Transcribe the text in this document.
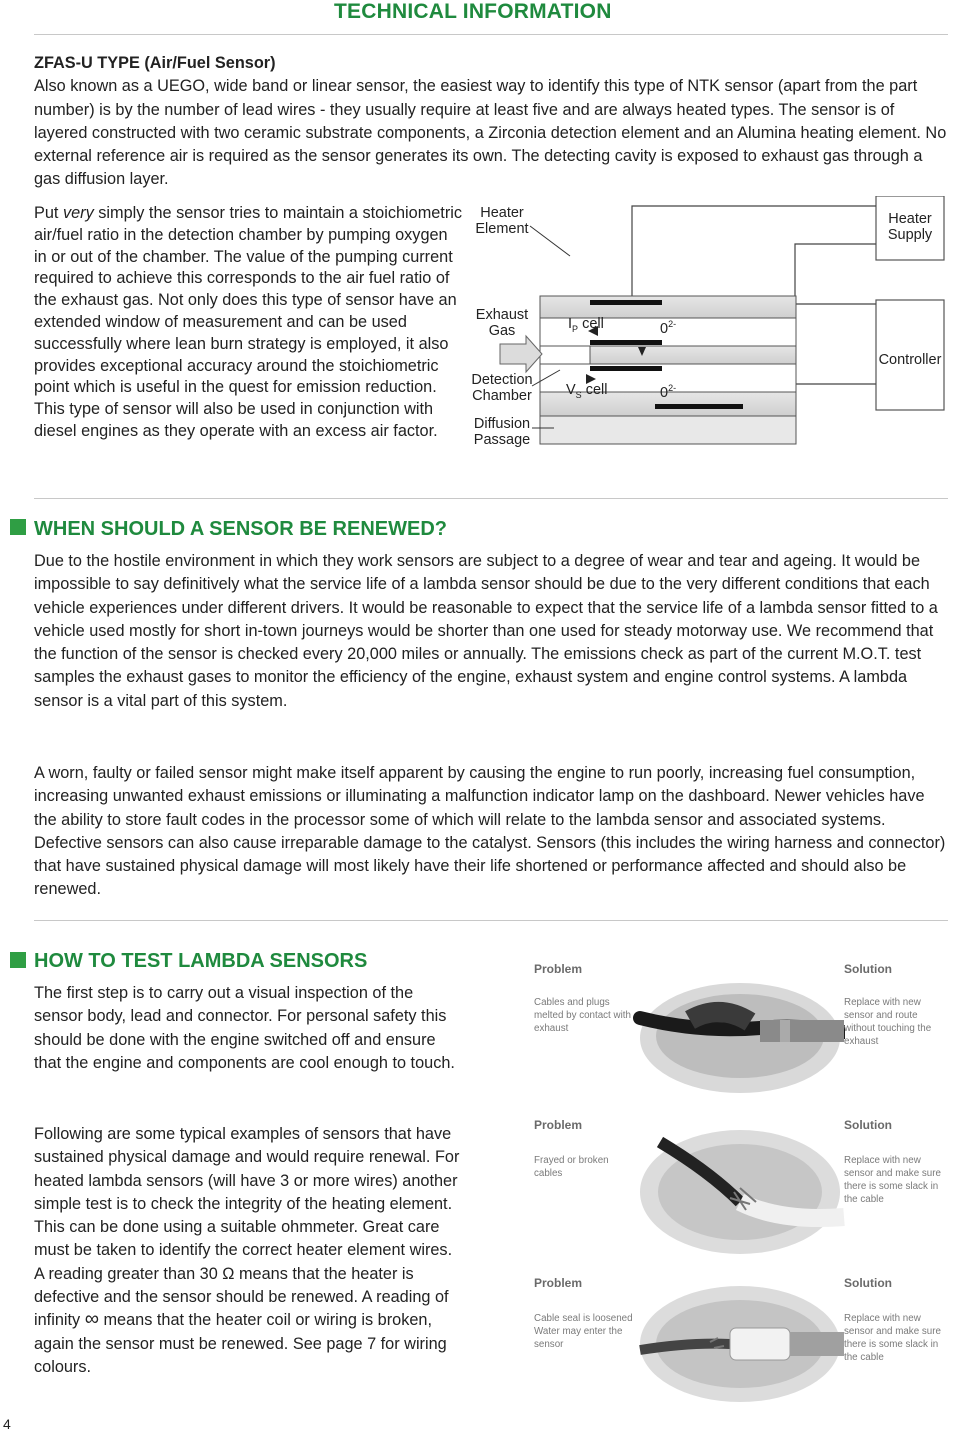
TECHNICAL INFORMATION
ZFAS-U TYPE (Air/Fuel Sensor)
Also known as a UEGO, wide band or linear sensor, the easiest way to identify this type of NTK sensor (apart from the part number) is by the number of lead wires - they usually require at least five and are always heated types. The sensor is of layered constructed with two ceramic substrate components, a Zirconia detection element and an Alumina heating element. No external reference air is required as the sensor generates its own. The detecting cavity is exposed to exhaust gas through a gas diffusion layer.
Put very simply the sensor tries to maintain a stoichiometric air/fuel ratio in the detection chamber by pumping oxygen in or out of the chamber. The value of the pumping current required to achieve this corresponds to the air fuel ratio of the exhaust gas. Not only does this type of sensor have an extended window of measurement and can be used successfully where lean burn strategy is employed, it also provides exceptional accuracy around the stoichiometric point which is useful in the quest for emission reduction. This type of sensor will also be used in conjunction with diesel engines as they operate with an excess air factor.
Heater
Element
Heater
Supply
Exhaust
Gas
Detection
Chamber
Diffusion
Passage
Controller
$I_P$ cell
$V_S$ cell
$0^{2-}$
$0^{2-}$
WHEN SHOULD A SENSOR BE RENEWED?
Due to the hostile environment in which they work sensors are subject to a degree of wear and tear and ageing. It would be impossible to say definitively what the service life of a lambda sensor should be due to the very different conditions that each vehicle experiences under different drivers. It would be reasonable to expect that the service life of a lambda sensor fitted to a vehicle used mostly for short in-town journeys would be shorter than one used for steady motorway use. We recommend that the function of the sensor is checked every 20,000 miles or annually. The emissions check as part of the current M.O.T. test samples the exhaust gases to monitor the efficiency of the engine, exhaust system and engine control systems. A lambda sensor is a vital part of this system.
A worn, faulty or failed sensor might make itself apparent by causing the engine to run poorly, increasing fuel consumption, increasing unwanted exhaust emissions or illuminating a malfunction indicator lamp on the dashboard. Newer vehicles have the ability to store fault codes in the processor some of which will relate to the lambda sensor and associated systems. Defective sensors can also cause irreparable damage to the catalyst. Sensors (this includes the wiring harness and connector) that have sustained physical damage will most likely have their life shortened or performance affected and should also be renewed.
HOW TO TEST LAMBDA SENSORS
The first step is to carry out a visual inspection of the sensor body, lead and connector. For personal safety this should be done with the engine switched off and ensure that the engine and components are cool enough to touch.
Following are some typical examples of sensors that have sustained physical damage and would require renewal. For heated lambda sensors (will have 3 or more wires) another simple test is to check the integrity of the heating element. This can be done using a suitable ohmmeter. Great care must be taken to identify the correct heater element wires. A reading greater than 30 Ω means that the heater is defective and the sensor should be renewed. A reading of infinity ∞ means that the heater coil or wiring is broken, again the sensor must be renewed. See page 7 for wiring colours.
Problem
Cables and plugs melted by contact with exhaust
Solution
Replace with new sensor and route without touching the exhaust
Problem
Frayed or broken cables
Solution
Replace with new sensor and make sure there is some slack in the cable
Problem
Cable seal is loosened Water may enter the sensor
Solution
Replace with new sensor and make sure there is some slack in the cable
4
